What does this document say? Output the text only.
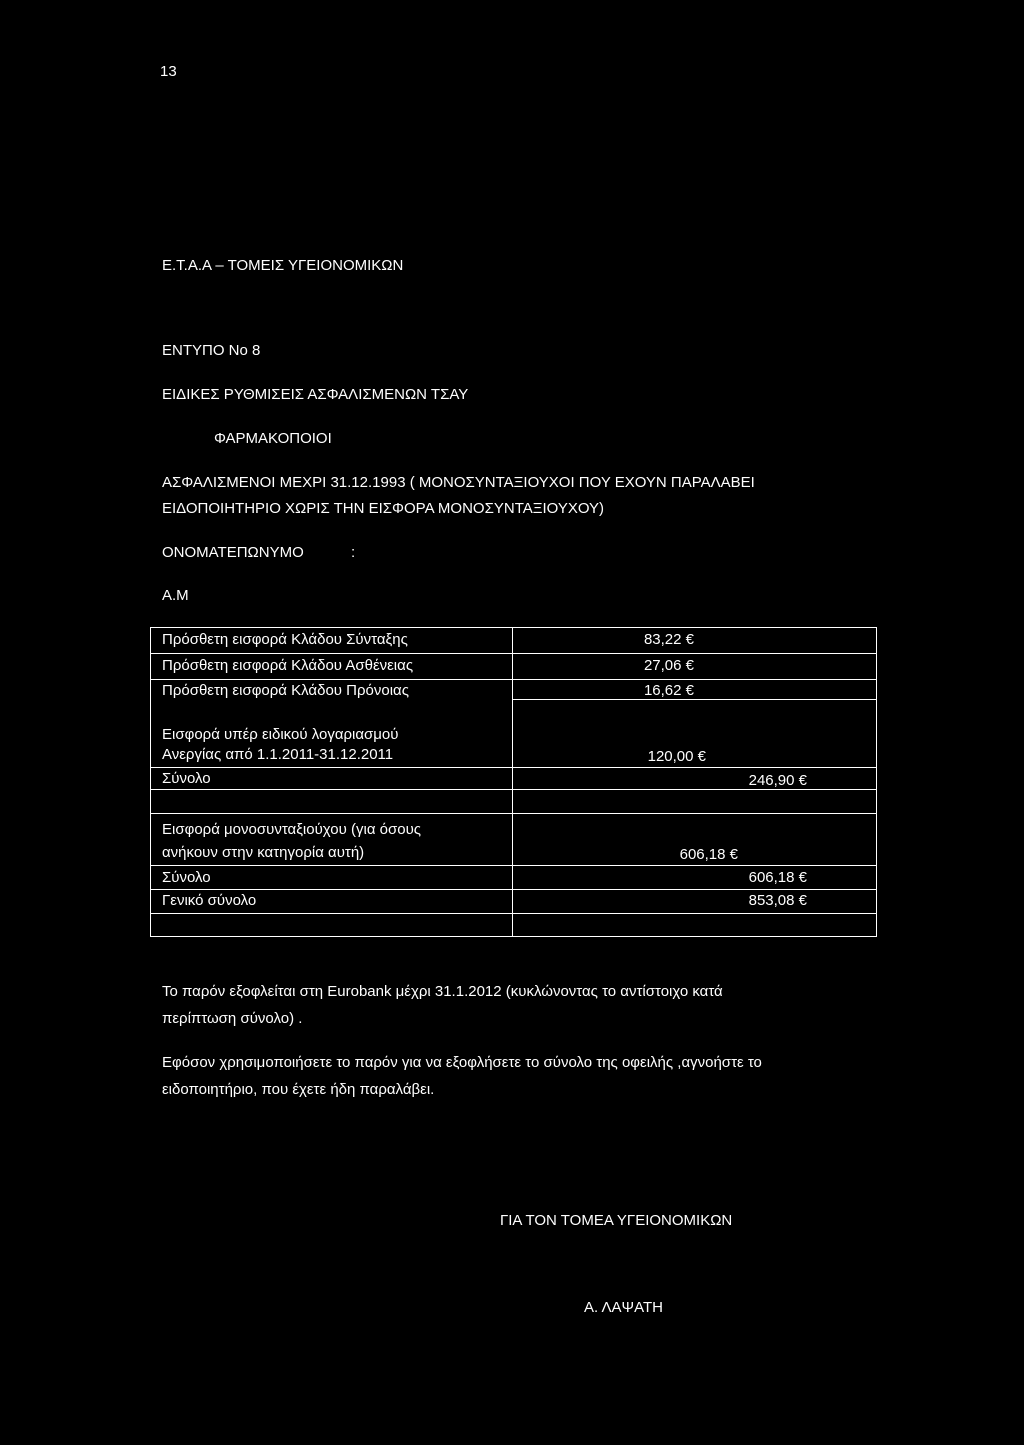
13
Ε.Τ.Α.Α – ΤΟΜΕΙΣ ΥΓΕΙΟΝΟΜΙΚΩΝ
ΕΝΤΥΠΟ Νο 8
ΕΙΔΙΚΕΣ ΡΥΘΜΙΣΕΙΣ ΑΣΦΑΛΙΣΜΕΝΩΝ ΤΣΑΥ
ΦΑΡΜΑΚΟΠΟΙΟΙ
ΑΣΦΑΛΙΣΜΕΝΟΙ ΜΕΧΡΙ 31.12.1993 ( ΜΟΝΟΣΥΝΤΑΞΙΟΥΧΟΙ ΠΟΥ ΕΧΟΥΝ ΠΑΡΑΛΑΒΕΙ
ΕΙΔΟΠΟΙΗΤΗΡΙΟ ΧΩΡΙΣ ΤΗΝ ΕΙΣΦΟΡΑ ΜΟΝΟΣΥΝΤΑΞΙΟΥΧΟΥ)
ΟΝΟΜΑΤΕΠΩΝΥΜΟ	:
Α.Μ
Πρόσθετη εισφορά Κλάδου Σύνταξης	83,22 €
Πρόσθετη εισφορά Κλάδου Ασθένειας	27,06 €
Πρόσθετη εισφορά Κλάδου Πρόνοιας	16,62 €
Εισφορά υπέρ ειδικού λογαριασμού
Ανεργίας από 1.1.2011-31.12.2011	120,00 €
Σύνολο	246,90 €
Εισφορά μονοσυνταξιούχου (για όσους
ανήκουν στην κατηγορία αυτή)	606,18 €
Σύνολο	606,18 €
Γενικό σύνολο	853,08 €
Το παρόν εξοφλείται στη Eurobank μέχρι 31.1.2012 (κυκλώνοντας το αντίστοιχο κατά
περίπτωση σύνολο) .
Εφόσον χρησιμοποιήσετε το παρόν για να εξοφλήσετε το σύνολο της οφειλής ,αγνοήστε το
ειδοποιητήριο, που έχετε ήδη παραλάβει.
ΓΙΑ ΤΟΝ ΤΟΜΕΑ ΥΓΕΙΟΝΟΜΙΚΩΝ
Α. ΛΑΨΑΤΗ
